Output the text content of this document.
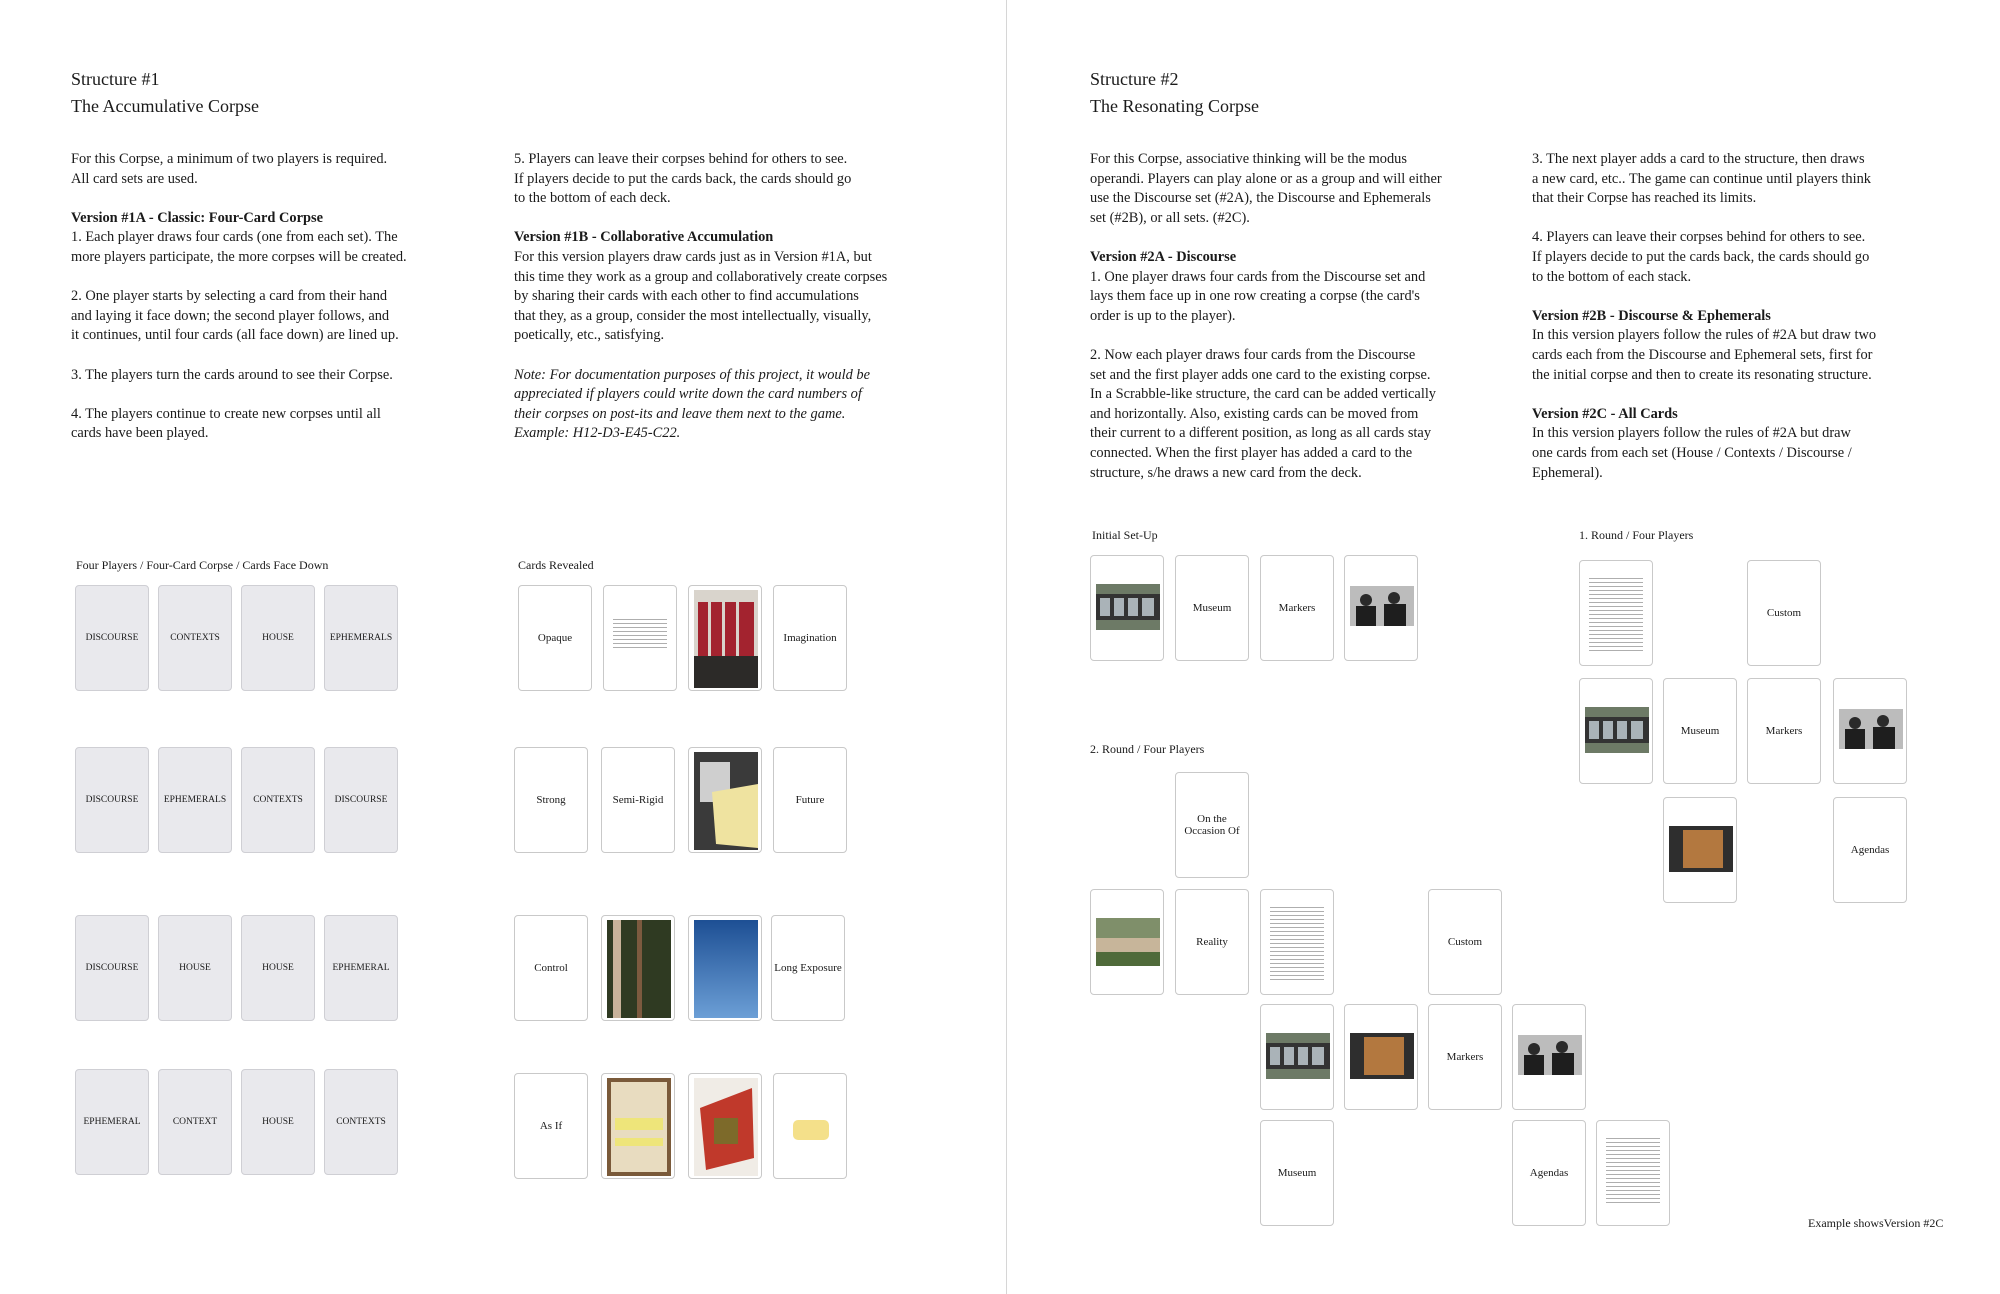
Structure #1
The Accumulative Corpse
For this Corpse, a minimum of two players is required.
All card sets are used.
Version #1A - Classic: Four-Card Corpse
1. Each player draws four cards (one from each set). The
more players participate, the more corpses will be created.
2. One player starts by selecting a card from their hand
and laying it face down; the second player follows, and
it continues, until four cards (all face down) are lined up.
3. The players turn the cards around to see their Corpse.
4. The players continue to create new corpses until all
cards have been played.
5. Players can leave their corpses behind for others to see.
If players decide to put the cards back, the cards should go
to the bottom of each deck.
Version #1B - Collaborative Accumulation
For this version players draw cards just as in Version #1A, but
this time they work as a group and collaboratively create corpses
by sharing their cards with each other to find accumulations
that they, as a group, consider the most intellectually, visually,
poetically, etc., satisfying.
Note: For documentation purposes of this project, it would be
appreciated if players could write down the card numbers of
their corpses on post-its and leave them next to the game.
Example: H12-D3-E45-C22.
Four Players / Four-Card Corpse / Cards Face Down	Cards Revealed
DISCOURSE	CONTEXTS	HOUSE	EPHEMERALS
DISCOURSE	EPHEMERALS	CONTEXTS	DISCOURSE
DISCOURSE	HOUSE	HOUSE	EPHEMERAL
EPHEMERAL	CONTEXT	HOUSE	CONTEXTS
Opaque	Imagination
Strong	Semi-Rigid	Future
Control	Long Exposure
As If
Structure #2
The Resonating Corpse
For this Corpse, associative thinking will be the modus
operandi. Players can play alone or as a group and will either
use the Discourse set (#2A), the Discourse and Ephemerals
set (#2B), or all sets. (#2C).
Version #2A - Discourse
1. One player draws four cards from the Discourse set and
lays them face up in one row creating a corpse (the card's
order is up to the player).
2. Now each player draws four cards from the Discourse
set and the first player adds one card to the existing corpse.
In a Scrabble-like structure, the card can be added vertically
and horizontally. Also, existing cards can be moved from
their current to a different position, as long as all cards stay
connected. When the first player has added a card to the
structure, s/he draws a new card from the deck.
3. The next player adds a card to the structure, then draws
a new card, etc.. The game can continue until players think
that their Corpse has reached its limits.
4. Players can leave their corpses behind for others to see.
If players decide to put the cards back, the cards should go
to the bottom of each stack.
Version #2B - Discourse & Ephemerals
In this version players follow the rules of #2A but draw two
cards each from the Discourse and Ephemeral sets, first for
the initial corpse and then to create its resonating structure.
Version #2C - All Cards
In this version players follow the rules of #2A but draw
one cards from each set (House / Contexts / Discourse /
Ephemeral).
Initial Set-Up
2. Round / Four Players
1. Round / Four Players
Example showsVersion #2C
Museum	Markers
On the Occasion Of
Reality	Custom
Markers
Museum	Agendas
Custom
Museum	Markers
Agendas
